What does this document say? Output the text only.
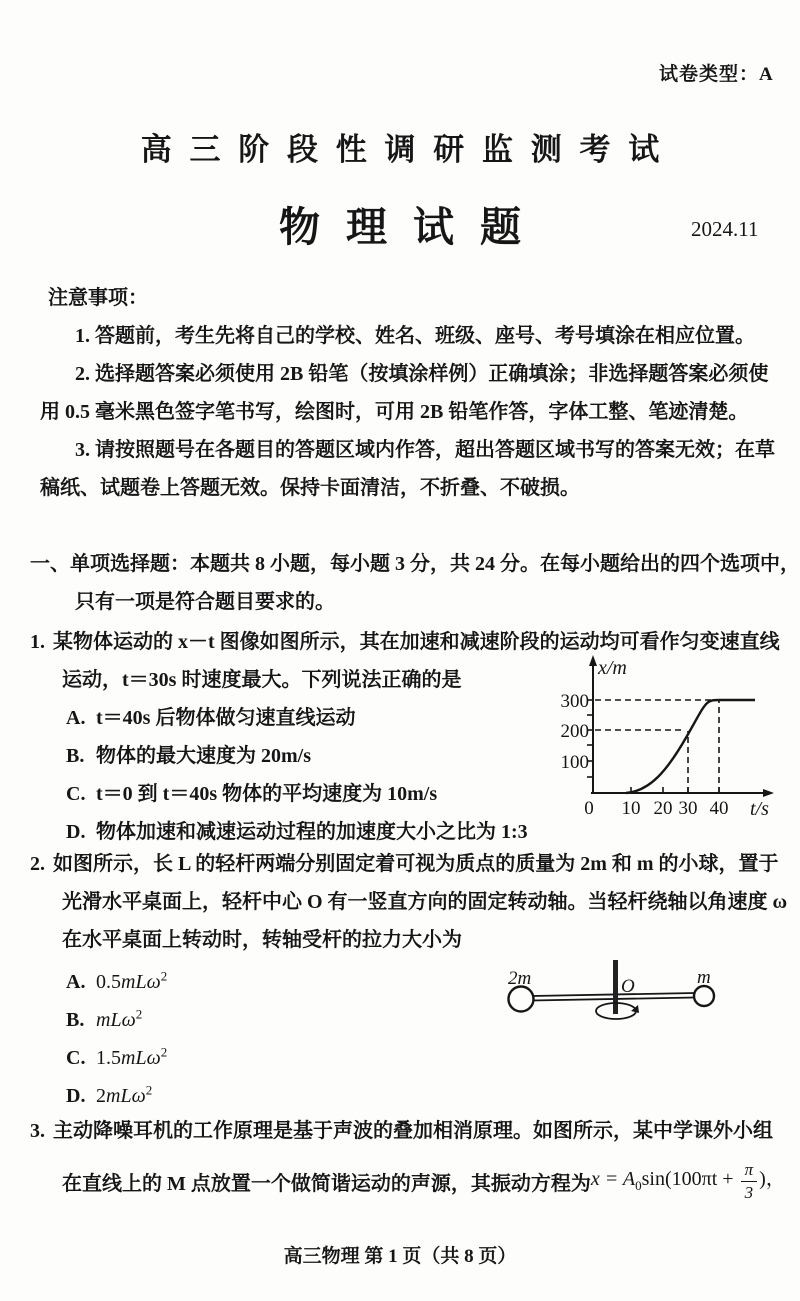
试卷类型：A
高 三 阶 段 性 调 研 监 测 考 试
物理试题	2024.11
注意事项：
1. 答题前，考生先将自己的学校、姓名、班级、座号、考号填涂在相应位置。
2. 选择题答案必须使用 2B 铅笔（按填涂样例）正确填涂；非选择题答案必须使
用 0.5 毫米黑色签字笔书写，绘图时，可用 2B 铅笔作答，字体工整、笔迹清楚。
3. 请按照题号在各题目的答题区域内作答，超出答题区域书写的答案无效；在草
稿纸、试题卷上答题无效。保持卡面清洁，不折叠、不破损。
一、单项选择题：本题共 8 小题，每小题 3 分，共 24 分。在每小题给出的四个选项中，
只有一项是符合题目要求的。
1. 某物体运动的 x－t 图像如图所示，其在加速和减速阶段的运动均可看作匀变速直线
运动，t＝30s 时速度最大。下列说法正确的是
A. t＝40s 后物体做匀速直线运动
B. 物体的最大速度为 20m/s
C. t＝0 到 t＝40s 物体的平均速度为 10m/s
D. 物体加速和减速运动过程的加速度大小之比为 1:3
x/m
t/s
300
200
100
0 10 20 30 40
2. 如图所示，长 L 的轻杆两端分别固定着可视为质点的质量为 2m 和 m 的小球，置于
光滑水平桌面上，轻杆中心 O 有一竖直方向的固定转动轴。当轻杆绕轴以角速度 ω
在水平桌面上转动时，转轴受杆的拉力大小为
A. 0.5mLω$^2$
B. mLω$^2$
C. 1.5mLω$^2$
D. 2mLω$^2$
2m	m
O
3. 主动降噪耳机的工作原理是基于声波的叠加相消原理。如图所示，某中学课外小组
在直线上的 M 点放置一个做简谐运动的声源，其振动方程为 $x = A_0\sin(100\pi t + \frac{\pi}{3}$ )，
高三物理 第 1 页（共 8 页）
